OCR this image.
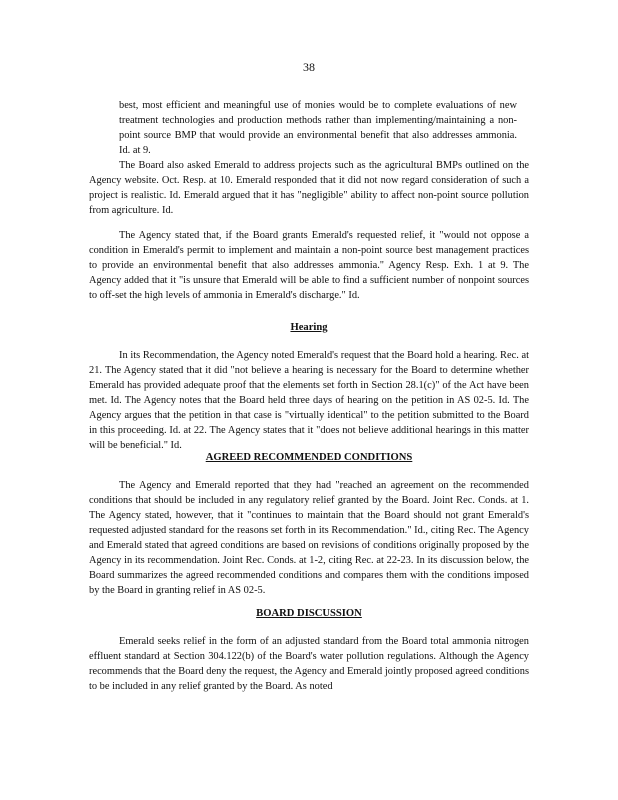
38

best, most efficient and meaningful use of monies would be to complete evaluations of new treatment technologies and production methods rather than implementing/maintaining a non-point source BMP that would provide an environmental benefit that also addresses ammonia. Id. at 9.

The Board also asked Emerald to address projects such as the agricultural BMPs outlined on the Agency website. Oct. Resp. at 10. Emerald responded that it did not now regard consideration of such a project is realistic. Id. Emerald argued that it has "negligible" ability to affect non-point source pollution from agriculture. Id.

The Agency stated that, if the Board grants Emerald's requested relief, it "would not oppose a condition in Emerald's permit to implement and maintain a non-point source best management practices to provide an environmental benefit that also addresses ammonia." Agency Resp. Exh. 1 at 9. The Agency added that it "is unsure that Emerald will be able to find a sufficient number of nonpoint sources to off-set the high levels of ammonia in Emerald's discharge." Id.

Hearing

In its Recommendation, the Agency noted Emerald's request that the Board hold a hearing. Rec. at 21. The Agency stated that it did "not believe a hearing is necessary for the Board to determine whether Emerald has provided adequate proof that the elements set forth in Section 28.1(c)" of the Act have been met. Id. The Agency notes that the Board held three days of hearing on the petition in AS 02-5. Id. The Agency argues that the petition in that case is "virtually identical" to the petition submitted to the Board in this proceeding. Id. at 22. The Agency states that it "does not believe additional hearings in this matter will be beneficial." Id.

AGREED RECOMMENDED CONDITIONS

The Agency and Emerald reported that they had "reached an agreement on the recommended conditions that should be included in any regulatory relief granted by the Board. Joint Rec. Conds. at 1. The Agency stated, however, that it "continues to maintain that the Board should not grant Emerald's requested adjusted standard for the reasons set forth in its Recommendation." Id., citing Rec. The Agency and Emerald stated that agreed conditions are based on revisions of conditions originally proposed by the Agency in its recommendation. Joint Rec. Conds. at 1-2, citing Rec. at 22-23. In its discussion below, the Board summarizes the agreed recommended conditions and compares them with the conditions imposed by the Board in granting relief in AS 02-5.

BOARD DISCUSSION

Emerald seeks relief in the form of an adjusted standard from the Board total ammonia nitrogen effluent standard at Section 304.122(b) of the Board's water pollution regulations. Although the Agency recommends that the Board deny the request, the Agency and Emerald jointly proposed agreed conditions to be included in any relief granted by the Board. As noted
